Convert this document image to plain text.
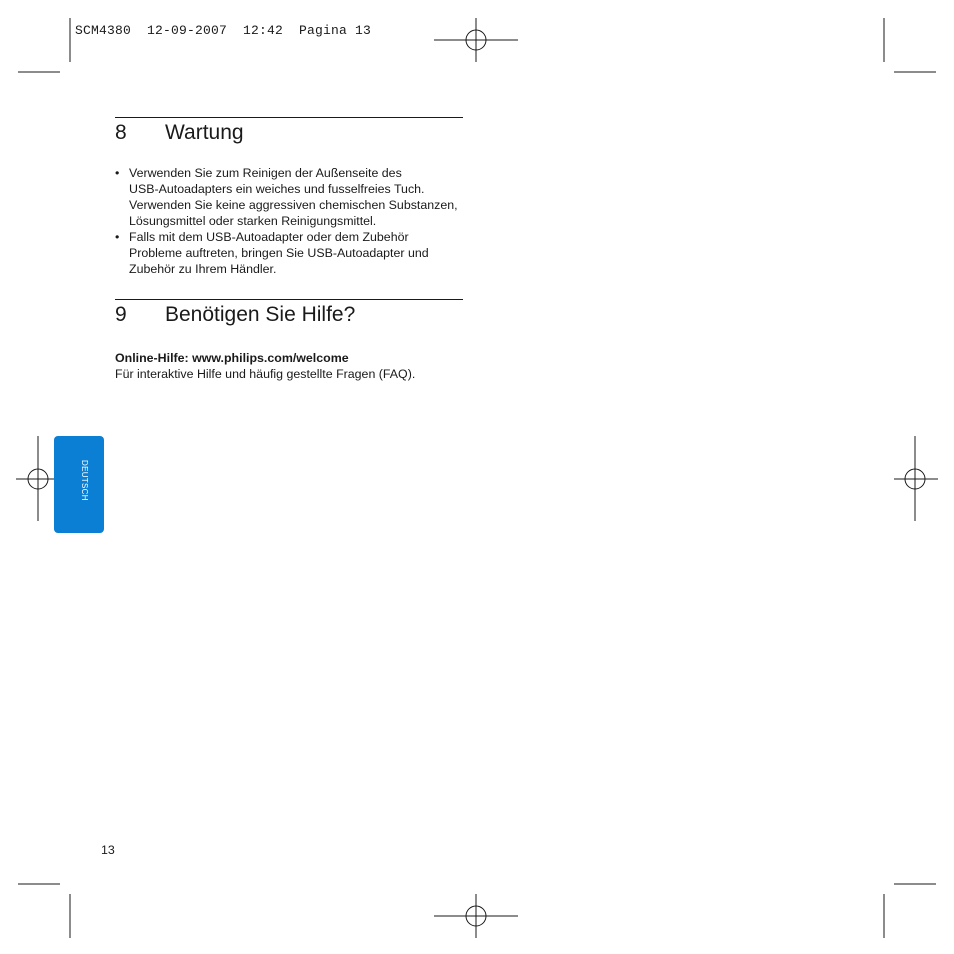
SCM4380  12-09-2007  12:42  Pagina 13
8	Wartung
• Verwenden Sie zum Reinigen der Außenseite des
USB-Autoadapters ein weiches und fusselfreies Tuch.
Verwenden Sie keine aggressiven chemischen Substanzen,
Lösungsmittel oder starken Reinigungsmittel.
• Falls mit dem USB-Autoadapter oder dem Zubehör
Probleme auftreten, bringen Sie USB-Autoadapter und
Zubehör zu Ihrem Händler.
9	Benötigen Sie Hilfe?
Online-Hilfe: www.philips.com/welcome
Für interaktive Hilfe und häufig gestellte Fragen (FAQ).
DEUTSCH
13
